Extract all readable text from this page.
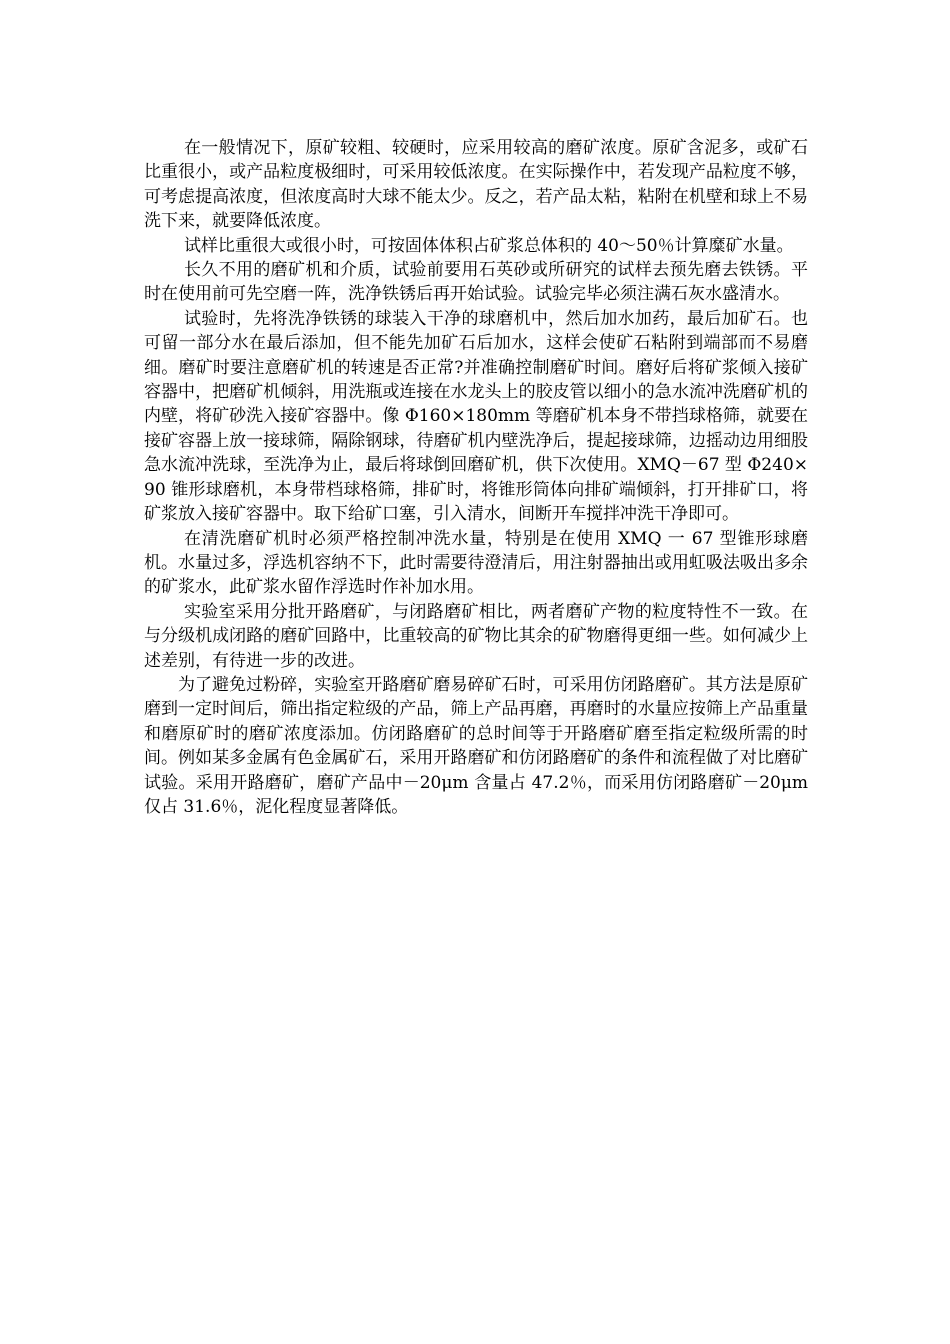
在一般情况下，原矿较粗、较硬时，应采用较高的磨矿浓度。原矿含泥多，或矿石比重很小，或产品粒度极细时，可采用较低浓度。在实际操作中，若发现产品粒度不够，可考虑提高浓度，但浓度高时大球不能太少。反之，若产品太粘，粘附在机壁和球上不易洗下来，就要降低浓度。

试样比重很大或很小时，可按固体体积占矿浆总体积的 40～50％计算糜矿水量。

长久不用的磨矿机和介质，试验前要用石英砂或所研究的试样去预先磨去铁锈。平时在使用前可先空磨一阵，洗净铁锈后再开始试验。试验完毕必须注满石灰水盛清水。

试验时，先将洗净铁锈的球装入干净的球磨机中，然后加水加药，最后加矿石。也可留一部分水在最后添加，但不能先加矿石后加水，这样会使矿石粘附到端部而不易磨细。磨矿时要注意磨矿机的转速是否正常?并准确控制磨矿时间。磨好后将矿浆倾入接矿容器中，把磨矿机倾斜，用洗瓶或连接在水龙头上的胶皮管以细小的急水流冲洗磨矿机的内壁，将矿砂洗入接矿容器中。像 Φ160×180mm 等磨矿机本身不带挡球格筛，就要在接矿容器上放一接球筛，隔除钢球，待磨矿机内壁洗净后，提起接球筛，边摇动边用细股急水流冲洗球，至洗净为止，最后将球倒回磨矿机，供下次使用。XMQ－67 型 Φ240×90 锥形球磨机，本身带档球格筛，排矿时，将锥形筒体向排矿端倾斜，打开排矿口，将矿浆放入接矿容器中。取下给矿口塞，引入清水，间断开车搅拌冲洗干净即可。

在清洗磨矿机时必须严格控制冲洗水量，特别是在使用 XMQ 一 67 型锥形球磨机。水量过多，浮选机容纳不下，此时需要待澄清后，用注射器抽出或用虹吸法吸出多余的矿浆水，此矿浆水留作浮选时作补加水用。

实验室采用分批开路磨矿，与闭路磨矿相比，两者磨矿产物的粒度特性不一致。在与分级机成闭路的磨矿回路中，比重较高的矿物比其余的矿物磨得更细一些。如何减少上述差别，有待进一步的改进。

为了避免过粉碎，实验室开路磨矿磨易碎矿石时，可采用仿闭路磨矿。其方法是原矿磨到一定时间后，筛出指定粒级的产品，筛上产品再磨，再磨时的水量应按筛上产品重量和磨原矿时的磨矿浓度添加。仿闭路磨矿的总时间等于开路磨矿磨至指定粒级所需的时间。例如某多金属有色金属矿石，采用开路磨矿和仿闭路磨矿的条件和流程做了对比磨矿试验。采用开路磨矿，磨矿产品中－20μm 含量占 47.2％，而采用仿闭路磨矿－20μm 仅占 31.6％，泥化程度显著降低。
